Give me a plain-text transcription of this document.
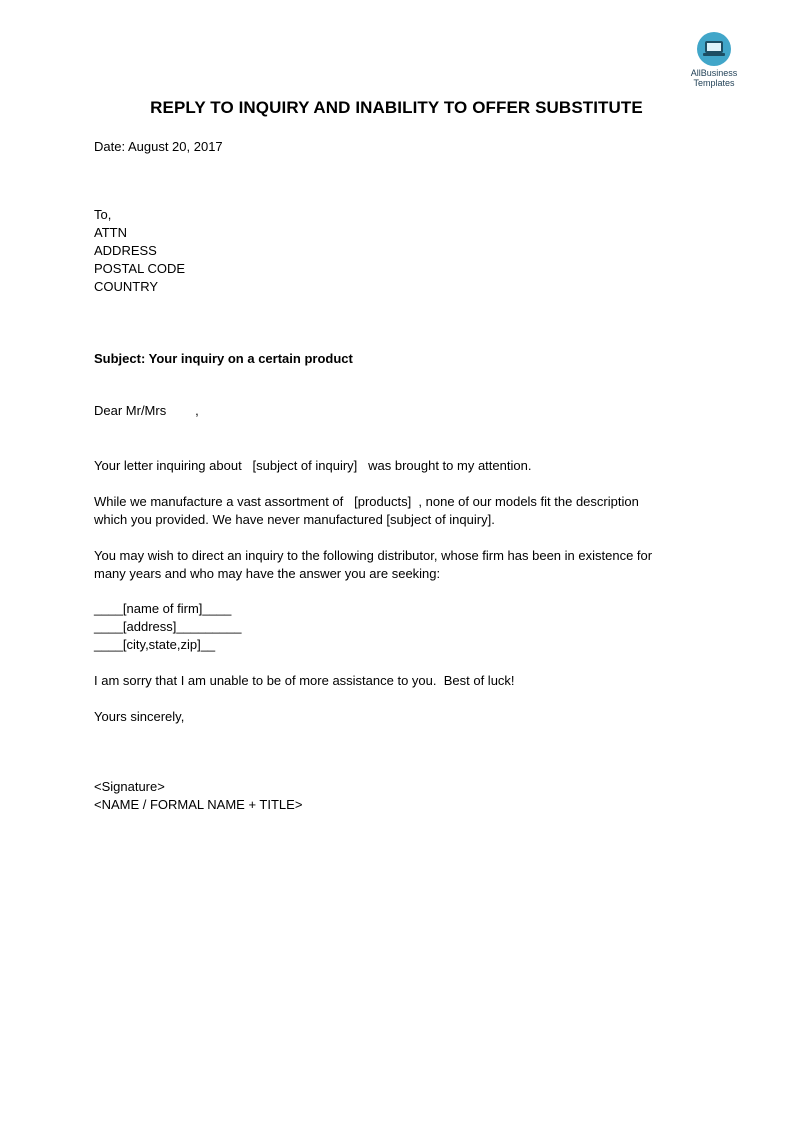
AllBusiness
Templates
REPLY TO INQUIRY AND INABILITY TO OFFER SUBSTITUTE
Date: August 20, 2017
To,
ATTN
ADDRESS
POSTAL CODE
COUNTRY
Subject: Your inquiry on a certain product
Dear Mr/Mrs        ,
Your letter inquiring about   [subject of inquiry]   was brought to my attention.
While we manufacture a vast assortment of   [products]  , none of our models fit the description
which you provided. We have never manufactured [subject of inquiry].
You may wish to direct an inquiry to the following distributor, whose firm has been in existence for
many years and who may have the answer you are seeking:
____[name of firm]____
____[address]_________
____[city,state,zip]__
I am sorry that I am unable to be of more assistance to you.  Best of luck!
Yours sincerely,
<Signature>
<NAME / FORMAL NAME + TITLE>
